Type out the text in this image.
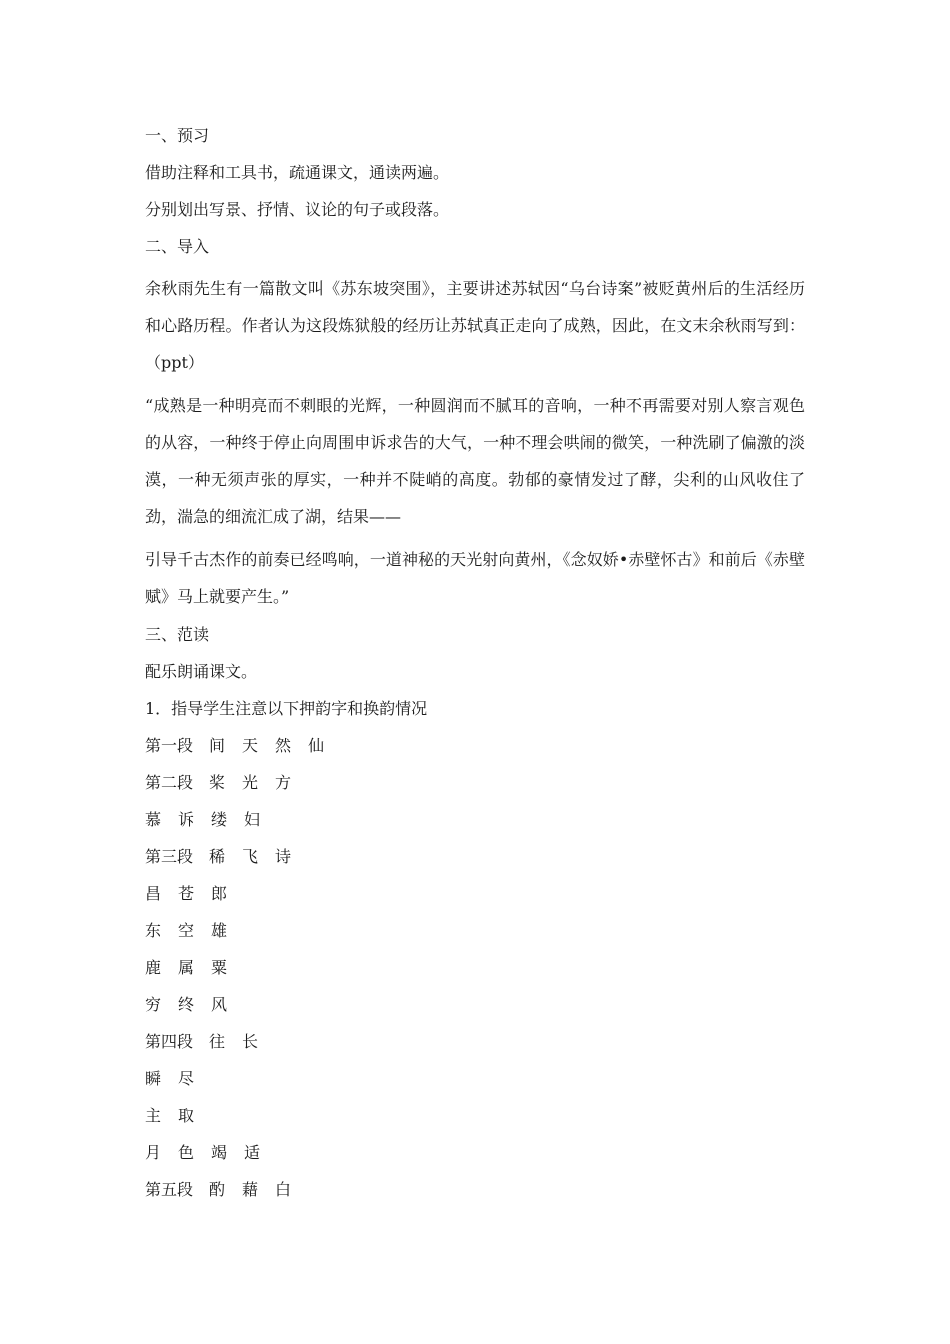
一、预习
借助注释和工具书，疏通课文，通读两遍。
分别划出写景、抒情、议论的句子或段落。
二、导入
余秋雨先生有一篇散文叫《苏东坡突围》，主要讲述苏轼因“乌台诗案”被贬黄州后的生活经历和心路历程。作者认为这段炼狱般的经历让苏轼真正走向了成熟，因此，在文末余秋雨写到：（ppt）
“成熟是一种明亮而不刺眼的光辉，一种圆润而不腻耳的音响，一种不再需要对别人察言观色的从容，一种终于停止向周围申诉求告的大气，一种不理会哄闹的微笑，一种洗刷了偏激的淡漠，一种无须声张的厚实，一种并不陡峭的高度。勃郁的豪情发过了酵，尖利的山风收住了劲，湍急的细流汇成了湖，结果——
引导千古杰作的前奏已经鸣响，一道神秘的天光射向黄州，《念奴娇•赤壁怀古》和前后《赤壁赋》马上就要产生。”
三、范读
配乐朗诵课文。
1．指导学生注意以下押韵字和换韵情况
第一段 间 天 然 仙
第二段 桨 光 方
慕 诉 缕 妇
第三段 稀 飞 诗
昌 苍 郎
东 空 雄
鹿 属 粟
穷 终 风
第四段 往 长
瞬 尽
主 取
月 色 竭 适
第五段 酌 藉 白
